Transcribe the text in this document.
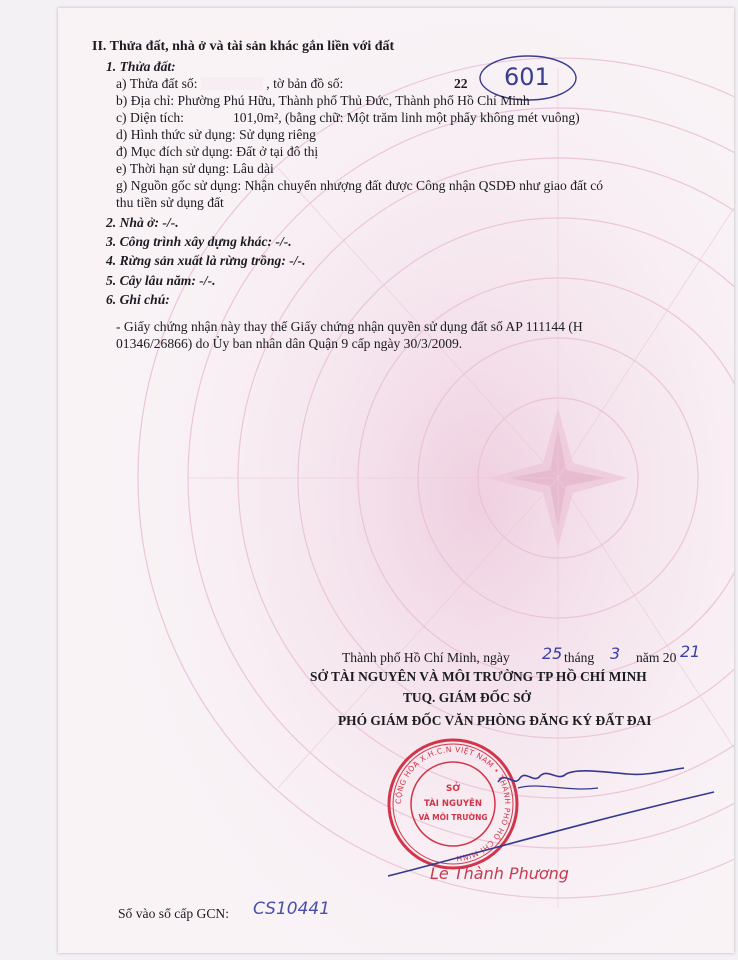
II. Thửa đất, nhà ở và tài sản khác gắn liền với đất
601
1. Thửa đất:
a) Thửa đất số:	, tờ bản đồ số:	22
b) Địa chỉ: Phường Phú Hữu, Thành phố Thủ Đức, Thành phố Hồ Chí Minh
c) Diện tích:	101,0m², (bằng chữ: Một trăm linh một phẩy không mét vuông)
d) Hình thức sử dụng: Sử dụng riêng
đ) Mục đích sử dụng: Đất ở tại đô thị
e) Thời hạn sử dụng: Lâu dài
g) Nguồn gốc sử dụng: Nhận chuyển nhượng đất được Công nhận QSDĐ như giao đất có
thu tiền sử dụng đất
2. Nhà ở: -/-.
3. Công trình xây dựng khác: -/-.
4. Rừng sản xuất là rừng trồng: -/-.
5. Cây lâu năm: -/-.
6. Ghi chú:
- Giấy chứng nhận này thay thế Giấy chứng nhận quyền sử dụng đất số AP 111144 (H
01346/26866) do Ủy ban nhân dân Quận 9 cấp ngày 30/3/2009.
Thành phố Hồ Chí Minh, ngày 25 tháng 3 năm 20 21
SỞ TÀI NGUYÊN VÀ MÔI TRƯỜNG TP HỒ CHÍ MINH
TUQ. GIÁM ĐỐC SỞ
PHÓ GIÁM ĐỐC VĂN PHÒNG ĐĂNG KÝ ĐẤT ĐAI
CỘNG HÒA X.H.C.N VIỆT NAM • THÀNH PHỐ HỒ CHÍ MINH
SỞ
TÀI NGUYÊN
VÀ MÔI TRƯỜNG
Lê Thành Phương
Số vào sổ cấp GCN: CS10441
